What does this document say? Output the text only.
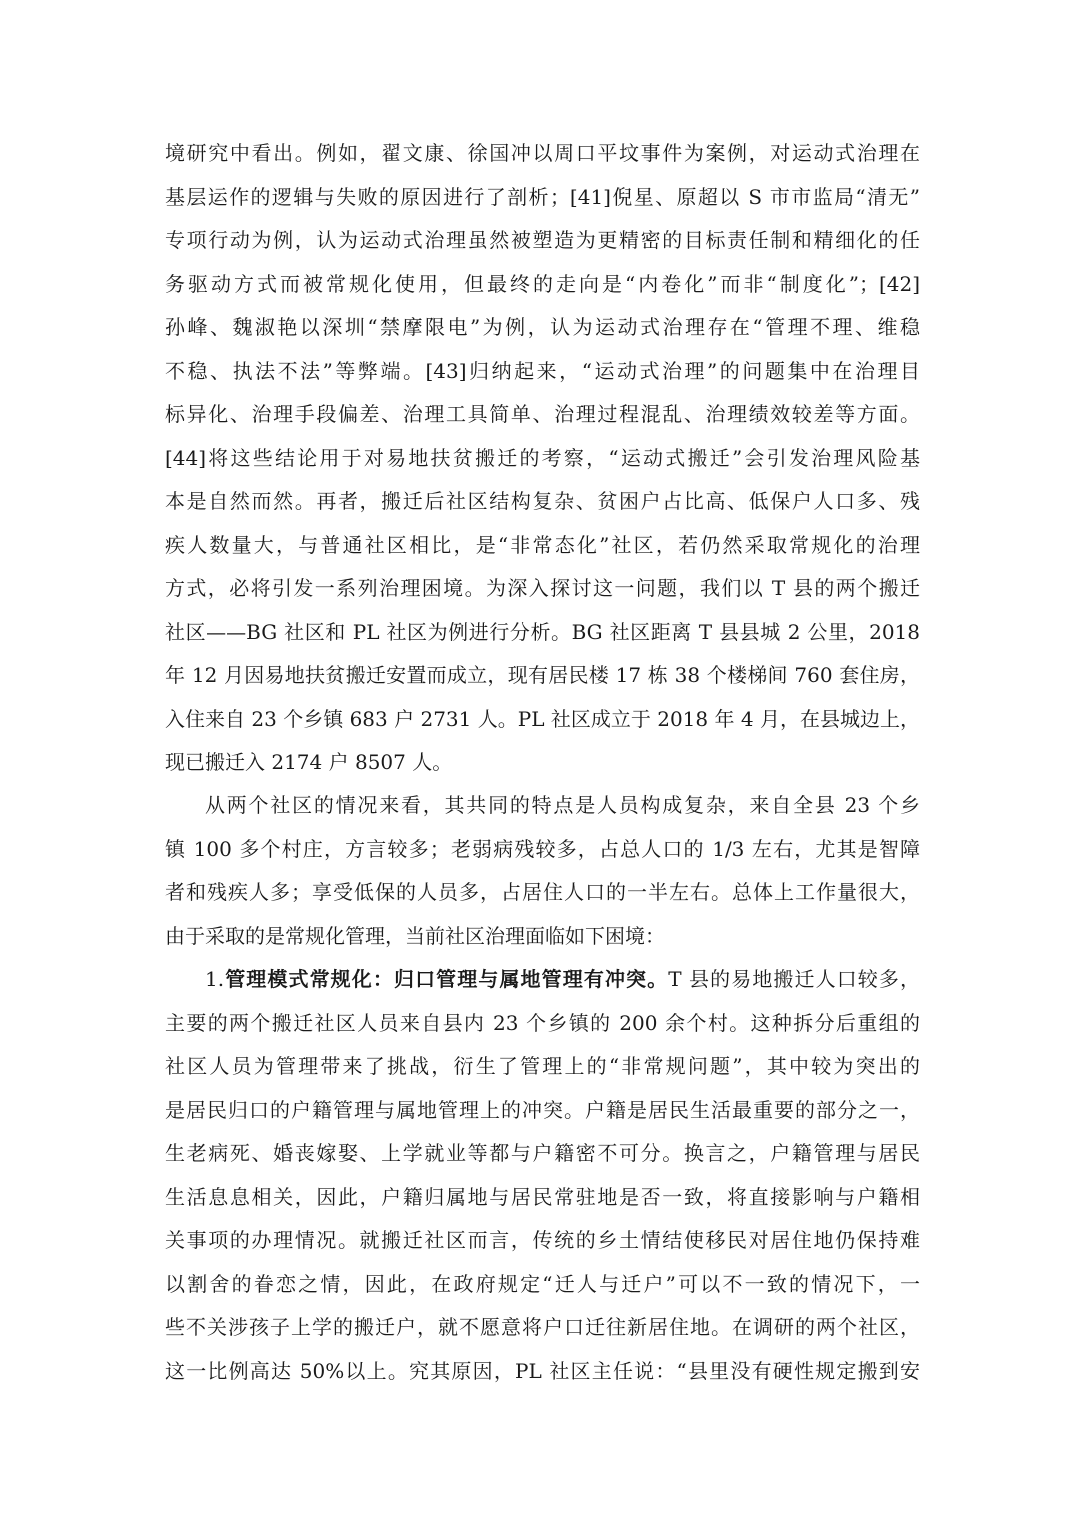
境研究中看出。例如，翟文康、徐国冲以周口平坟事件为案例，对运动式治理在
基层运作的逻辑与失败的原因进行了剖析；[41]倪星、原超以 S 市市监局“清无”
专项行动为例，认为运动式治理虽然被塑造为更精密的目标责任制和精细化的任
务驱动方式而被常规化使用，但最终的走向是“内卷化”而非“制度化”；[42]
孙峰、魏淑艳以深圳“禁摩限电”为例，认为运动式治理存在“管理不理、维稳
不稳、执法不法”等弊端。[43]归纳起来，“运动式治理”的问题集中在治理目
标异化、治理手段偏差、治理工具简单、治理过程混乱、治理绩效较差等方面。
[44]将这些结论用于对易地扶贫搬迁的考察，“运动式搬迁”会引发治理风险基
本是自然而然。再者，搬迁后社区结构复杂、贫困户占比高、低保户人口多、残
疾人数量大，与普通社区相比，是“非常态化”社区，若仍然采取常规化的治理
方式，必将引发一系列治理困境。为深入探讨这一问题，我们以 T 县的两个搬迁
社区——BG 社区和 PL 社区为例进行分析。BG 社区距离 T 县县城 2 公里，2018
年 12 月因易地扶贫搬迁安置而成立，现有居民楼 17 栋 38 个楼梯间 760 套住房，
入住来自 23 个乡镇 683 户 2731 人。PL 社区成立于 2018 年 4 月，在县城边上，
现已搬迁入 2174 户 8507 人。
从两个社区的情况来看，其共同的特点是人员构成复杂，来自全县 23 个乡
镇 100 多个村庄，方言较多；老弱病残较多，占总人口的 1/3 左右，尤其是智障
者和残疾人多；享受低保的人员多，占居住人口的一半左右。总体上工作量很大，
由于采取的是常规化管理，当前社区治理面临如下困境：
1.管理模式常规化：归口管理与属地管理有冲突。T 县的易地搬迁人口较多，
主要的两个搬迁社区人员来自县内 23 个乡镇的 200 余个村。这种拆分后重组的
社区人员为管理带来了挑战，衍生了管理上的“非常规问题”，其中较为突出的
是居民归口的户籍管理与属地管理上的冲突。户籍是居民生活最重要的部分之一，
生老病死、婚丧嫁娶、上学就业等都与户籍密不可分。换言之，户籍管理与居民
生活息息相关，因此，户籍归属地与居民常驻地是否一致，将直接影响与户籍相
关事项的办理情况。就搬迁社区而言，传统的乡土情结使移民对居住地仍保持难
以割舍的眷恋之情，因此，在政府规定“迁人与迁户”可以不一致的情况下，一
些不关涉孩子上学的搬迁户，就不愿意将户口迁往新居住地。在调研的两个社区，
这一比例高达 50%以上。究其原因，PL 社区主任说：“县里没有硬性规定搬到安
